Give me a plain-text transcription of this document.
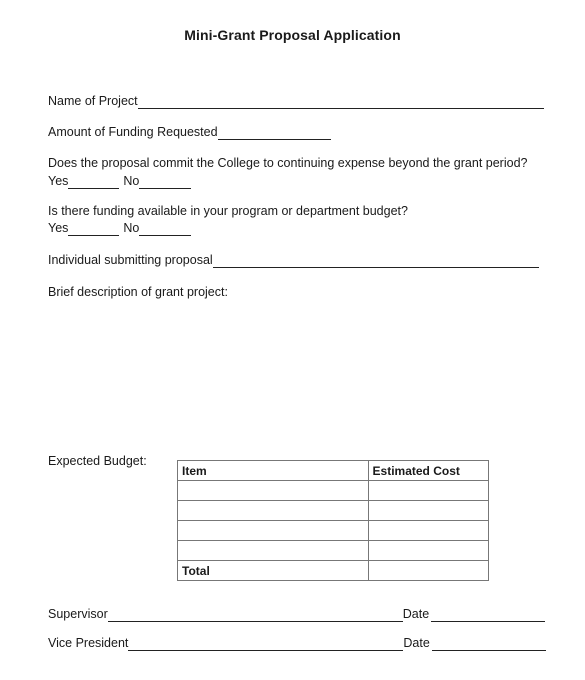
Mini-Grant Proposal Application
Name of Project
Amount of Funding Requested
Does the proposal commit the College to continuing expense beyond the grant period?
Yes	No
Is there funding available in your program or department budget?
Yes	No
Individual submitting proposal
Brief description of grant project:
Expected Budget:
Item	Estimated Cost

Total	
Supervisor	Date
Vice President	Date
